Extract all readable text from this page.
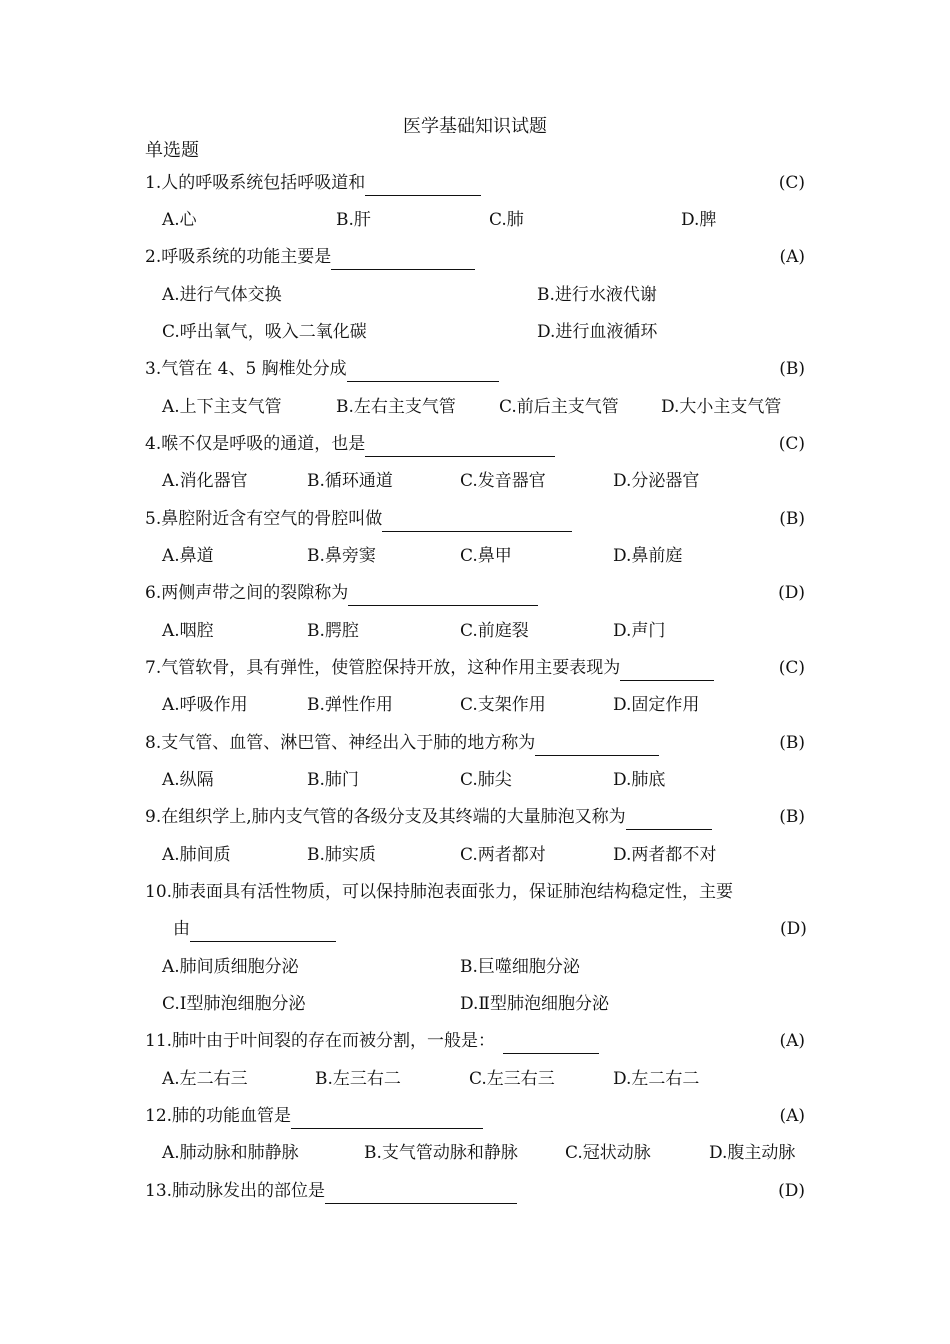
医学基础知识试题
单选题
1.人的呼吸系统包括呼吸道和	(C)
A.心	B.肝	C.肺	D.脾
2.呼吸系统的功能主要是	(A)
A.进行气体交换	B.进行水液代谢
C.呼出氧气，吸入二氧化碳	D.进行血液循环
3.气管在 4、5 胸椎处分成	(B)
A.上下主支气管	B.左右主支气管	C.前后主支气管 D.大小主支气管
4.喉不仅是呼吸的通道，也是	(C)
A.消化器官	B.循环通道	C.发音器官	D.分泌器官
5.鼻腔附近含有空气的骨腔叫做	(B)
A.鼻道	B.鼻旁窦	C.鼻甲	D.鼻前庭
6.两侧声带之间的裂隙称为	(D)
A.咽腔	B.腭腔	C.前庭裂	D.声门
7.气管软骨，具有弹性，使管腔保持开放，这种作用主要表现为	(C)
A.呼吸作用	B.弹性作用	C.支架作用	D.固定作用
8.支气管、血管、淋巴管、神经出入于肺的地方称为	(B)
A.纵隔	B.肺门	C.肺尖	D.肺底
9.在组织学上,肺内支气管的各级分支及其终端的大量肺泡又称为	(B)
A.肺间质	B.肺实质	C.两者都对	D.两者都不对
10.肺表面具有活性物质，可以保持肺泡表面张力，保证肺泡结构稳定性，主要
由	(D)
A.肺间质细胞分泌	B.巨噬细胞分泌
C.Ⅰ型肺泡细胞分泌	D.Ⅱ型肺泡细胞分泌
11.肺叶由于叶间裂的存在而被分割，一般是：	(A)
A.左二右三	B.左三右二	C.左三右三	D.左二右二
12.肺的功能血管是	(A)
A.肺动脉和肺静脉	B.支气管动脉和静脉	C.冠状动脉	D.腹主动脉
13.肺动脉发出的部位是	(D)
